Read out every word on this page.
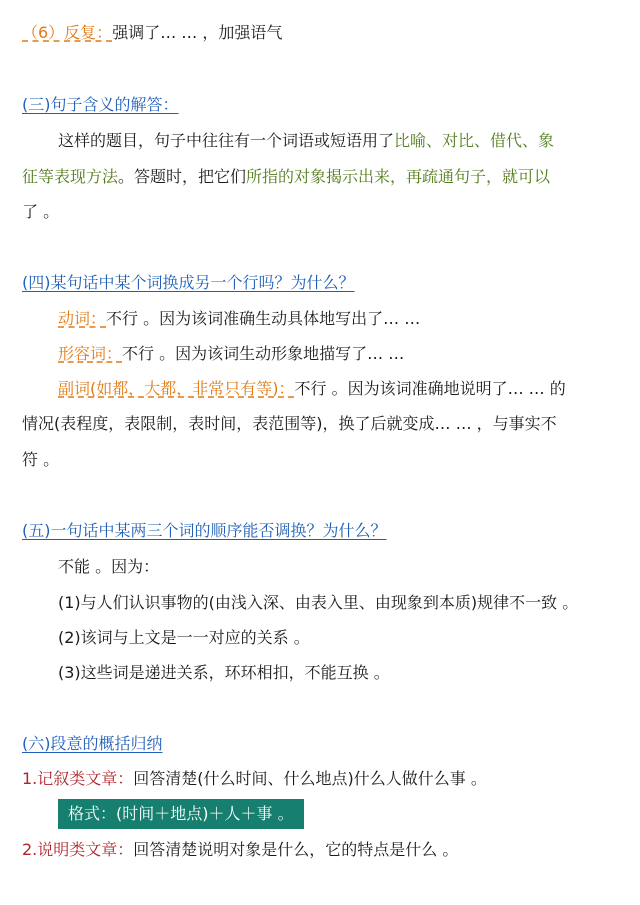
（6）反复：强调了… … ，加强语气
(三)句子含义的解答：
这样的题目，句子中往往有一个词语或短语用了比喻、对比、借代、象
征等表现方法。答题时，把它们所指的对象揭示出来，再疏通句子，就可以
了 。
(四)某句话中某个词换成另一个行吗？为什么？
动词：不行 。因为该词准确生动具体地写出了… …
形容词：不行 。因为该词生动形象地描写了… …
副词(如都，大都，非常只有等)：不行 。因为该词准确地说明了… … 的
情况(表程度，表限制，表时间，表范围等)，换了后就变成… … ，与事实不
符 。
(五)一句话中某两三个词的顺序能否调换？为什么？
不能 。因为：
(1)与人们认识事物的(由浅入深、由表入里、由现象到本质)规律不一致 。
(2)该词与上文是一一对应的关系 。
(3)这些词是递进关系，环环相扣，不能互换 。
(六)段意的概括归纳
1.记叙类文章：回答清楚(什么时间、什么地点)什么人做什么事 。
格式：(时间＋地点)＋人＋事 。
2.说明类文章：回答清楚说明对象是什么，它的特点是什么 。
